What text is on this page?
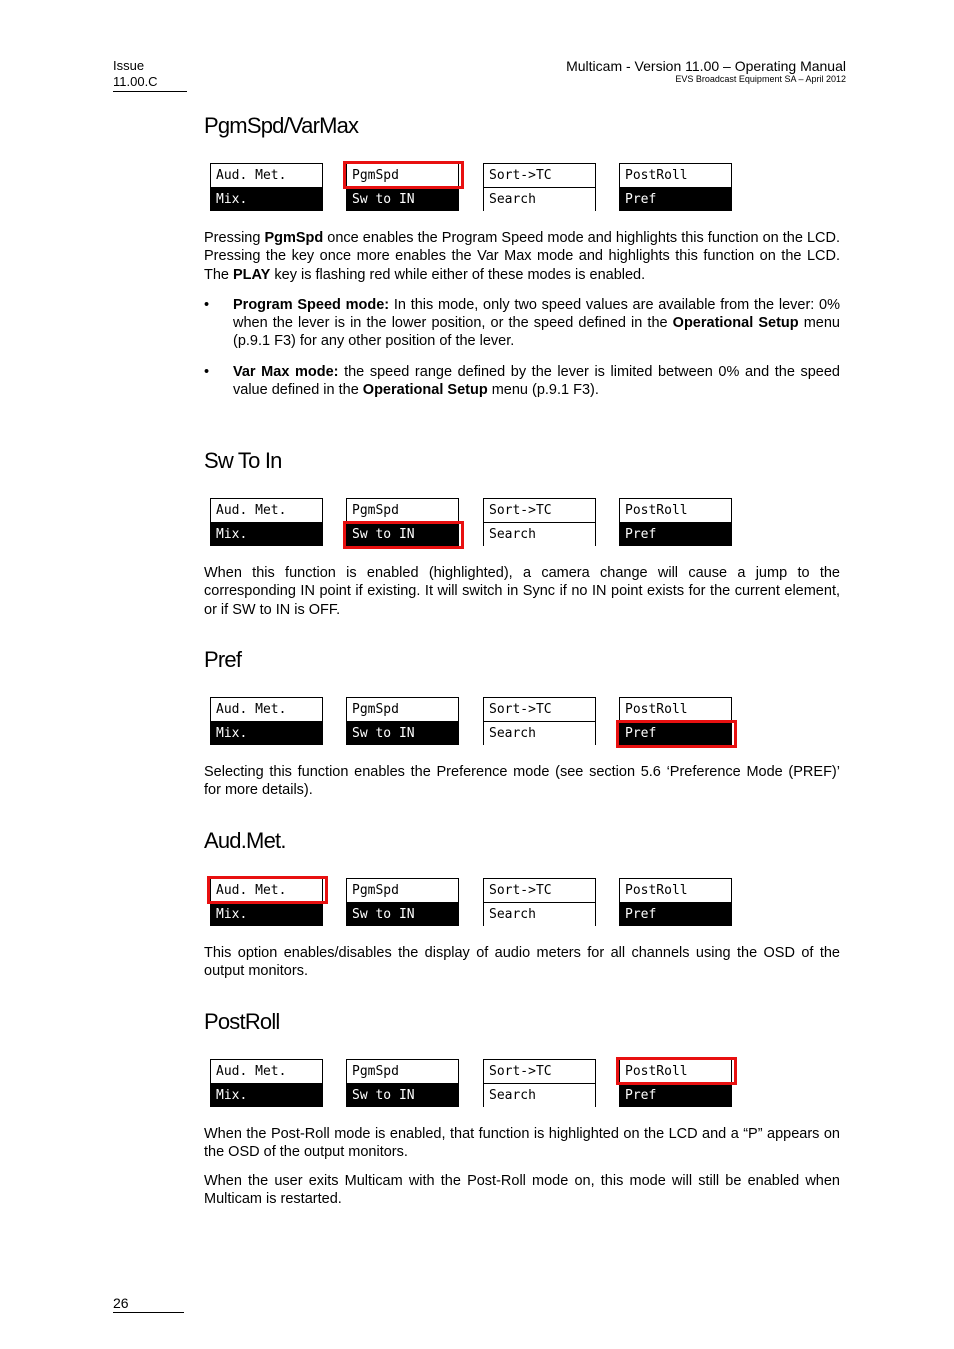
Issue
11.00.C
Multicam - Version 11.00 – Operating Manual
EVS Broadcast Equipment SA – April 2012
PgmSpd/VarMax
Aud. Met.
Mix.
PgmSpd
Sw to IN
Sort->TC
Search
PostRoll
Pref

Pressing PgmSpd once enables the Program Speed mode and highlights this function on the LCD. Pressing the key once more enables the Var Max mode and highlights this function on the LCD. The PLAY key is flashing red while either of these modes is enabled.

• Program Speed mode: In this mode, only two speed values are available from the lever: 0% when the lever is in the lower position, or the speed defined in the Operational Setup menu (p.9.1 F3) for any other position of the lever.
• Var Max mode: the speed range defined by the lever is limited between 0% and the speed value defined in the Operational Setup menu (p.9.1 F3).
Sw To In
Aud. Met.
Mix.
PgmSpd
Sw to IN
Sort->TC
Search
PostRoll
Pref

When this function is enabled (highlighted), a camera change will cause a jump to the corresponding IN point if existing. It will switch in Sync if no IN point exists for the current element, or if SW to IN is OFF.

Pref
Aud. Met.
Mix.
PgmSpd
Sw to IN
Sort->TC
Search
PostRoll
Pref

Selecting this function enables the Preference mode (see section 5.6 ‘Preference Mode (PREF)’ for more details).

Aud.Met.
Aud. Met.
Mix.
PgmSpd
Sw to IN
Sort->TC
Search
PostRoll
Pref

This option enables/disables the display of audio meters for all channels using the OSD of the output monitors.

PostRoll
Aud. Met.
Mix.
PgmSpd
Sw to IN
Sort->TC
Search
PostRoll
Pref

When the Post-Roll mode is enabled, that function is highlighted on the LCD and a “P” appears on the OSD of the output monitors.

When the user exits Multicam with the Post-Roll mode on, this mode will still be enabled when Multicam is restarted.

26
